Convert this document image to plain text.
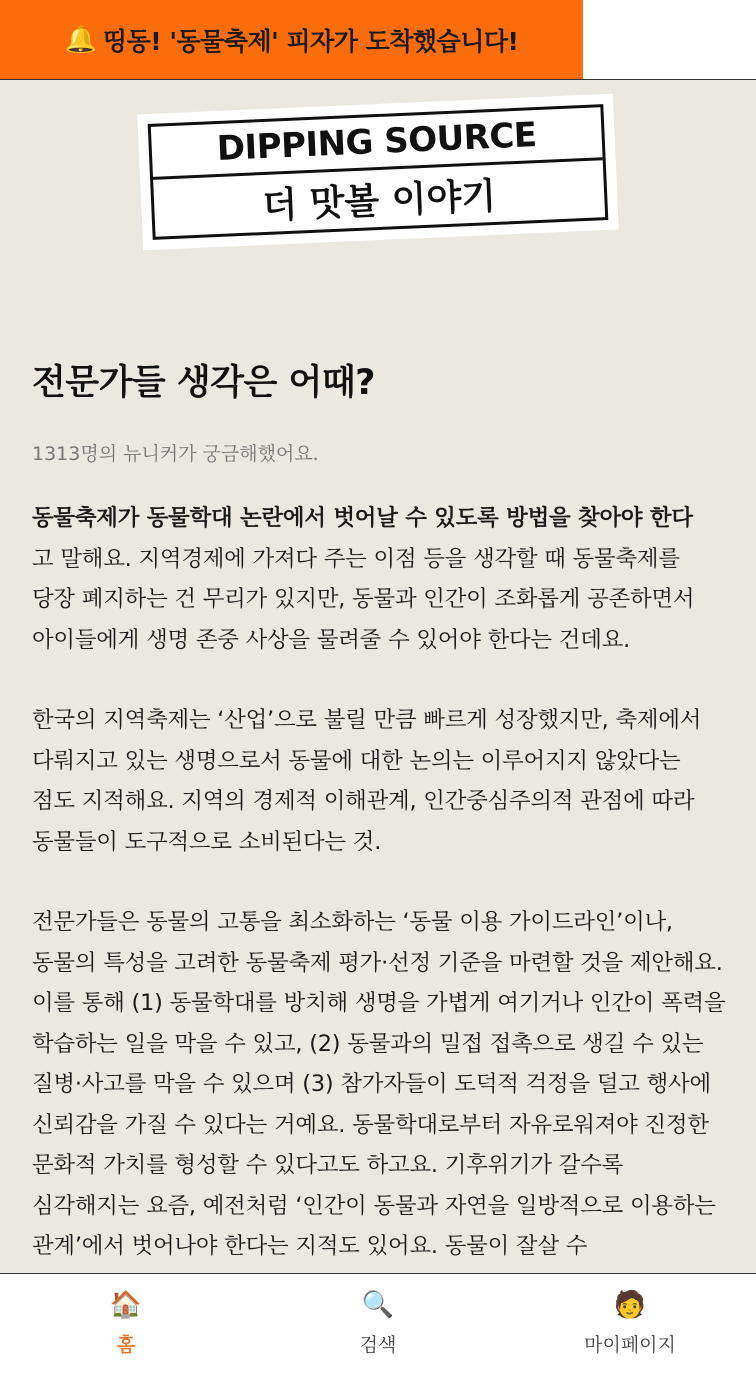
🔔 띵동! '동물축제' 피자가 도착했습니다!
DIPPING SOURCE
더 맛볼 이야기
전문가들 생각은 어때?
1313명의 뉴니커가 궁금해했어요.
동물축제가 동물학대 논란에서 벗어날 수 있도록 방법을 찾아야 한다
고 말해요. 지역경제에 가져다 주는 이점 등을 생각할 때 동물축제를 당장 폐지하는 건 무리가 있지만, 동물과 인간이 조화롭게 공존하면서 아이들에게 생명 존중 사상을 물려줄 수 있어야 한다는 건데요.
한국의 지역축제는 ‘산업’으로 불릴 만큼 빠르게 성장했지만, 축제에서 다뤄지고 있는 생명으로서 동물에 대한 논의는 이루어지지 않았다는 점도 지적해요. 지역의 경제적 이해관계, 인간중심주의적 관점에 따라 동물들이 도구적으로 소비된다는 것.
전문가들은 동물의 고통을 최소화하는 ‘동물 이용 가이드라인’이나, 동물의 특성을 고려한 동물축제 평가·선정 기준을 마련할 것을 제안해요. 이를 통해 (1) 동물학대를 방치해 생명을 가볍게 여기거나 인간이 폭력을 학습하는 일을 막을 수 있고, (2) 동물과의 밀접 접촉으로 생길 수 있는 질병·사고를 막을 수 있으며 (3) 참가자들이 도덕적 걱정을 덜고 행사에 신뢰감을 가질 수 있다는 거예요. 동물학대로부터 자유로워져야 진정한 문화적 가치를 형성할 수 있다고도 하고요. 기후위기가 갈수록 심각해지는 요즘, 예전처럼 ‘인간이 동물과 자연을 일방적으로 이용하는 관계’에서 벗어나야 한다는 지적도 있어요. 동물이 잘살 수
🏠
홈
🔍
검색
🧑
마이페이지
